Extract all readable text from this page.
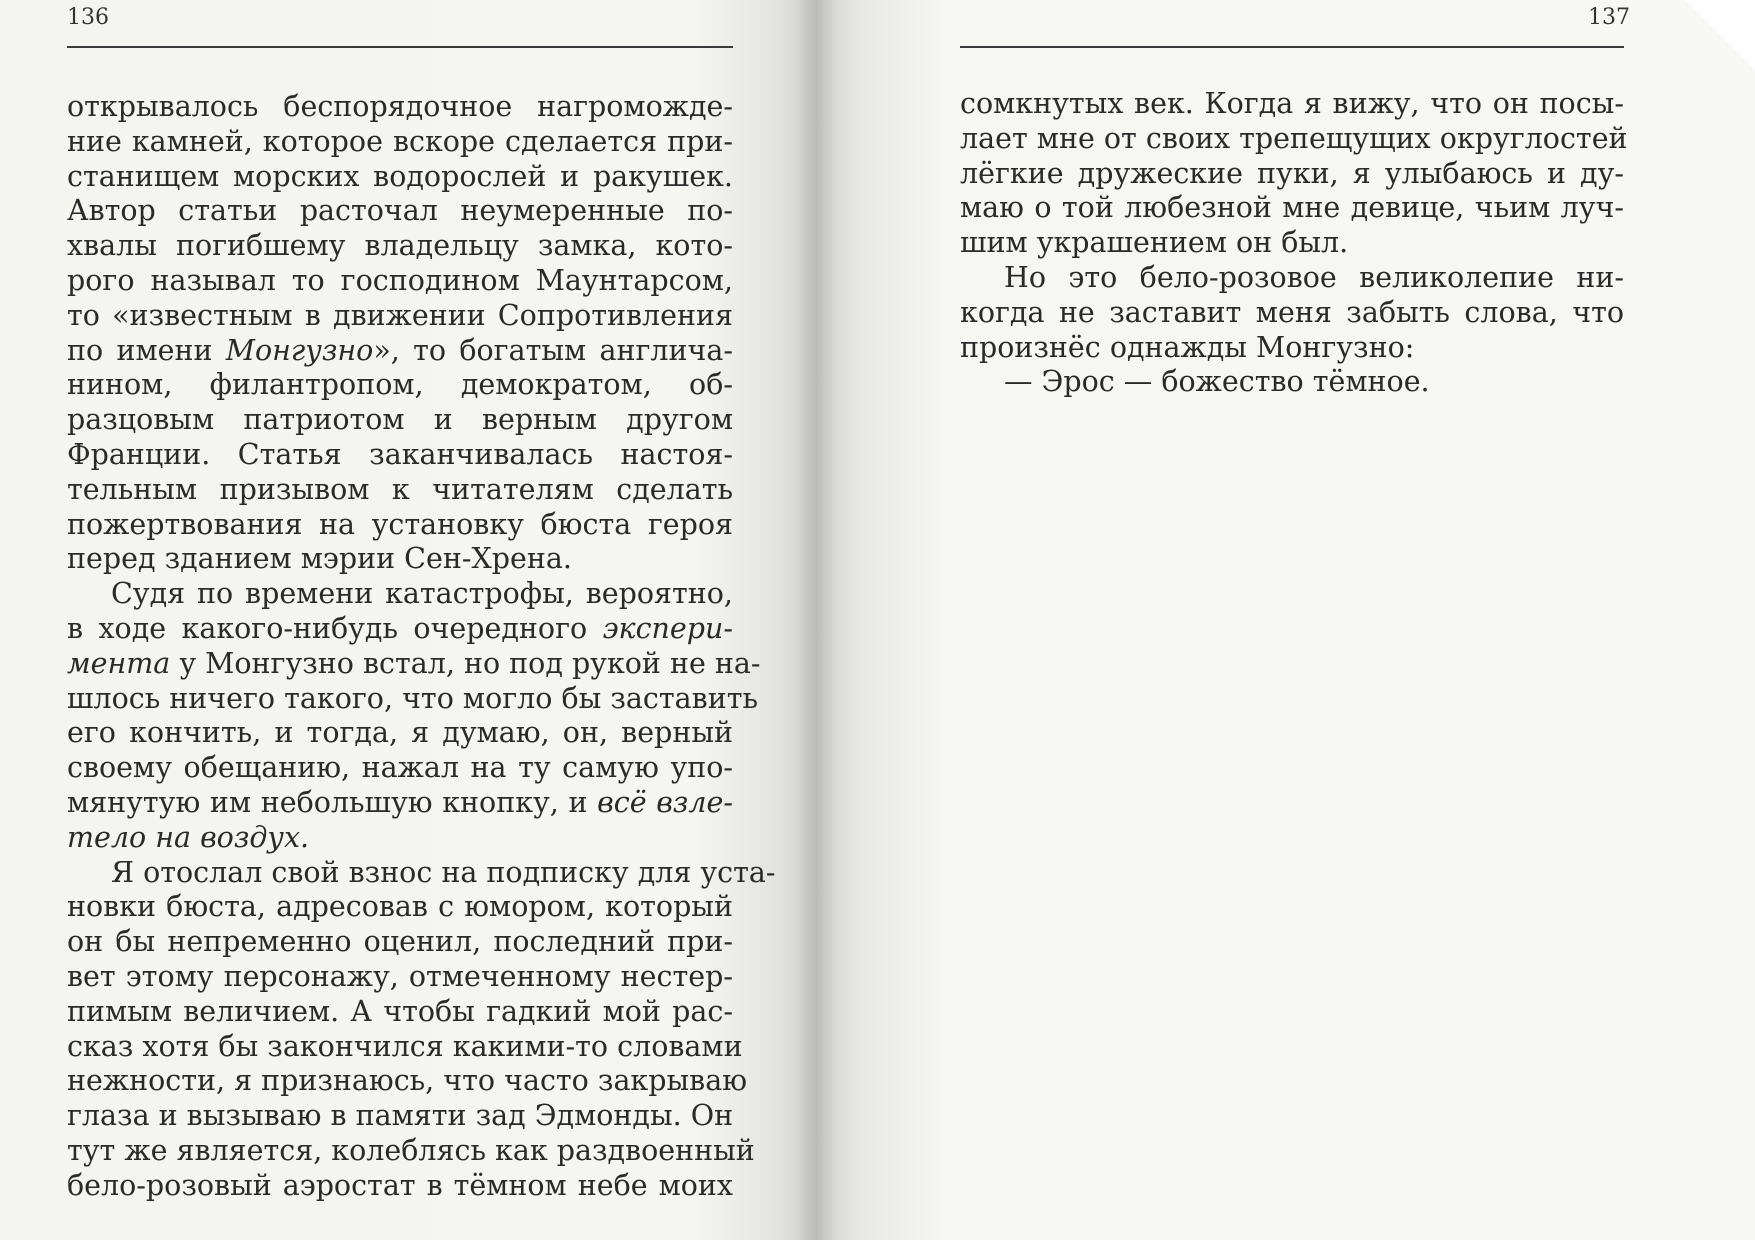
136	137
открывалось беспорядочное нагроможде-
ние камней, которое вскоре сделается при-
станищем морских водорослей и ракушек.
Автор статьи расточал неумеренные по-
хвалы погибшему владельцу замка, кото-
рого называл то господином Маунтарсом,
то «известным в движении Сопротивления
по имени Монгузно», то богатым англича-
нином, филантропом, демократом, об-
разцовым патриотом и верным другом
Франции. Статья заканчивалась настоя-
тельным призывом к читателям сделать
пожертвования на установку бюста героя
перед зданием мэрии Сен-Хрена.
Судя по времени катастрофы, вероятно,
в ходе какого-нибудь очередного экспери-
мента у Монгузно встал, но под рукой не на-
шлось ничего такого, что могло бы заставить
его кончить, и тогда, я думаю, он, верный
своему обещанию, нажал на ту самую упо-
мянутую им небольшую кнопку, и всё взле-
тело на воздух.
Я отослал свой взнос на подписку для уста-
новки бюста, адресовав с юмором, который
он бы непременно оценил, последний при-
вет этому персонажу, отмеченному нестер-
пимым величием. А чтобы гадкий мой рас-
сказ хотя бы закончился какими-то словами
нежности, я признаюсь, что часто закрываю
глаза и вызываю в памяти зад Эдмонды. Он
тут же является, колеблясь как раздвоенный
бело-розовый аэростат в тёмном небе моих
сомкнутых век. Когда я вижу, что он посы-
лает мне от своих трепещущих округлостей
лёгкие дружеские пуки, я улыбаюсь и ду-
маю о той любезной мне девице, чьим луч-
шим украшением он был.
Но это бело-розовое великолепие ни-
когда не заставит меня забыть слова, что
произнёс однажды Монгузно:
— Эрос — божество тёмное.
